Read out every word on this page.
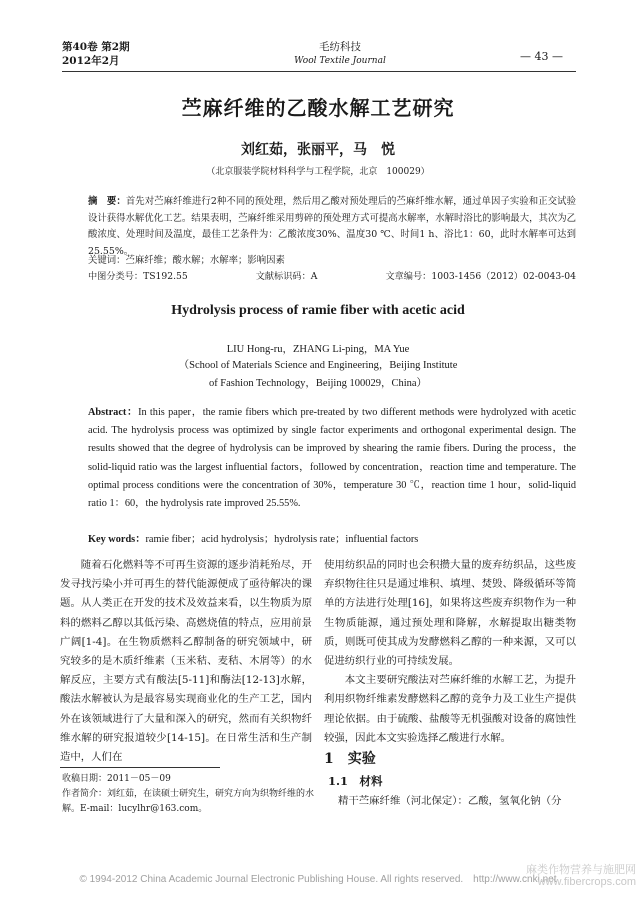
第40卷 第2期
2012年2月
毛纺科技
Wool Textile Journal	— 43 —
苎麻纤维的乙酸水解工艺研究
刘红茹，张丽平，马　悦
（北京服装学院材料科学与工程学院，北京　100029）
摘　要：首先对苎麻纤维进行2种不同的预处理，然后用乙酸对预处理后的苎麻纤维水解，通过单因子实验和正交试验设计获得水解优化工艺。结果表明，苎麻纤维采用剪碎的预处理方式可提高水解率，水解时浴比的影响最大，其次为乙酸浓度、处理时间及温度，最佳工艺条件为：乙酸浓度30%、温度30 ℃、时间1 h、浴比1：60，此时水解率可达到25.55%。
关键词：苎麻纤维；酸水解；水解率；影响因素
中图分类号：TS192.55	文献标识码：A	文章编号：1003-1456（2012）02-0043-04
Hydrolysis process of ramie fiber with acetic acid
LIU Hong-ru，ZHANG Li-ping，MA Yue
（School of Materials Science and Engineering，Beijing Institute
of Fashion Technology，Beijing 100029，China）
Abstract：In this paper，the ramie fibers which pre-treated by two different methods were hydrolyzed with acetic acid. The hydrolysis process was optimized by single factor experiments and orthogonal experimental design. The results showed that the degree of hydrolysis can be improved by shearing the ramie fibers. During the process，the solid-liquid ratio was the largest influential factors，followed by concentration，reaction time and temperature. The optimal process conditions were the concentration of 30%，temperature 30 ℃，reaction time 1 hour，solid-liquid ratio 1：60，the hydrolysis rate improved 25.55%.
Key words：ramie fiber；acid hydrolysis；hydrolysis rate；influential factors

随着石化燃料等不可再生资源的逐步消耗殆尽，开发寻找污染小并可再生的替代能源便成了亟待解决的课题。从人类正在开发的技术及效益来看，以生物质为原料的燃料乙醇以其低污染、高燃烧值的特点，应用前景广阔[1-4]。在生物质燃料乙醇制备的研究领域中，研究较多的是木质纤维素（玉米秸、麦秸、木屑等）的水解反应，主要方式有酸法[5-11]和酶法[12-13]水解，酸法水解被认为是最容易实现商业化的生产工艺，国内外在该领域进行了大量和深入的研究，然而有关织物纤维水解的研究报道较少[14-15]。在日常生活和生产制造中，人们在

使用纺织品的同时也会积攒大量的废弃纺织品，这些废弃织物往往只是通过堆积、填埋、焚毁、降级循环等简单的方法进行处理[16]，如果将这些废弃织物作为一种生物质能源，通过预处理和降解，水解提取出糖类物质，则既可使其成为发酵燃料乙醇的一种来源，又可以促进纺织行业的可持续发展。

本文主要研究酸法对苎麻纤维的水解工艺，为提升利用织物纤维素发酵燃料乙醇的竞争力及工业生产提供理论依据。由于硫酸、盐酸等无机强酸对设备的腐蚀性较强，因此本文实验选择乙酸进行水解。

1　实验
1.1　材料
精干苎麻纤维（河北保定）：乙酸，氢氧化钠（分
收稿日期：2011－05－09
作者简介：刘红茹，在读硕士研究生，研究方向为织物纤维的水解。E-mail：lucylhr@163.com。
© 1994-2012 China Academic Journal Electronic Publishing House. All rights reserved.　http://www.cnki.net
麻类作物营养与施肥网 www.fibercrops.com
